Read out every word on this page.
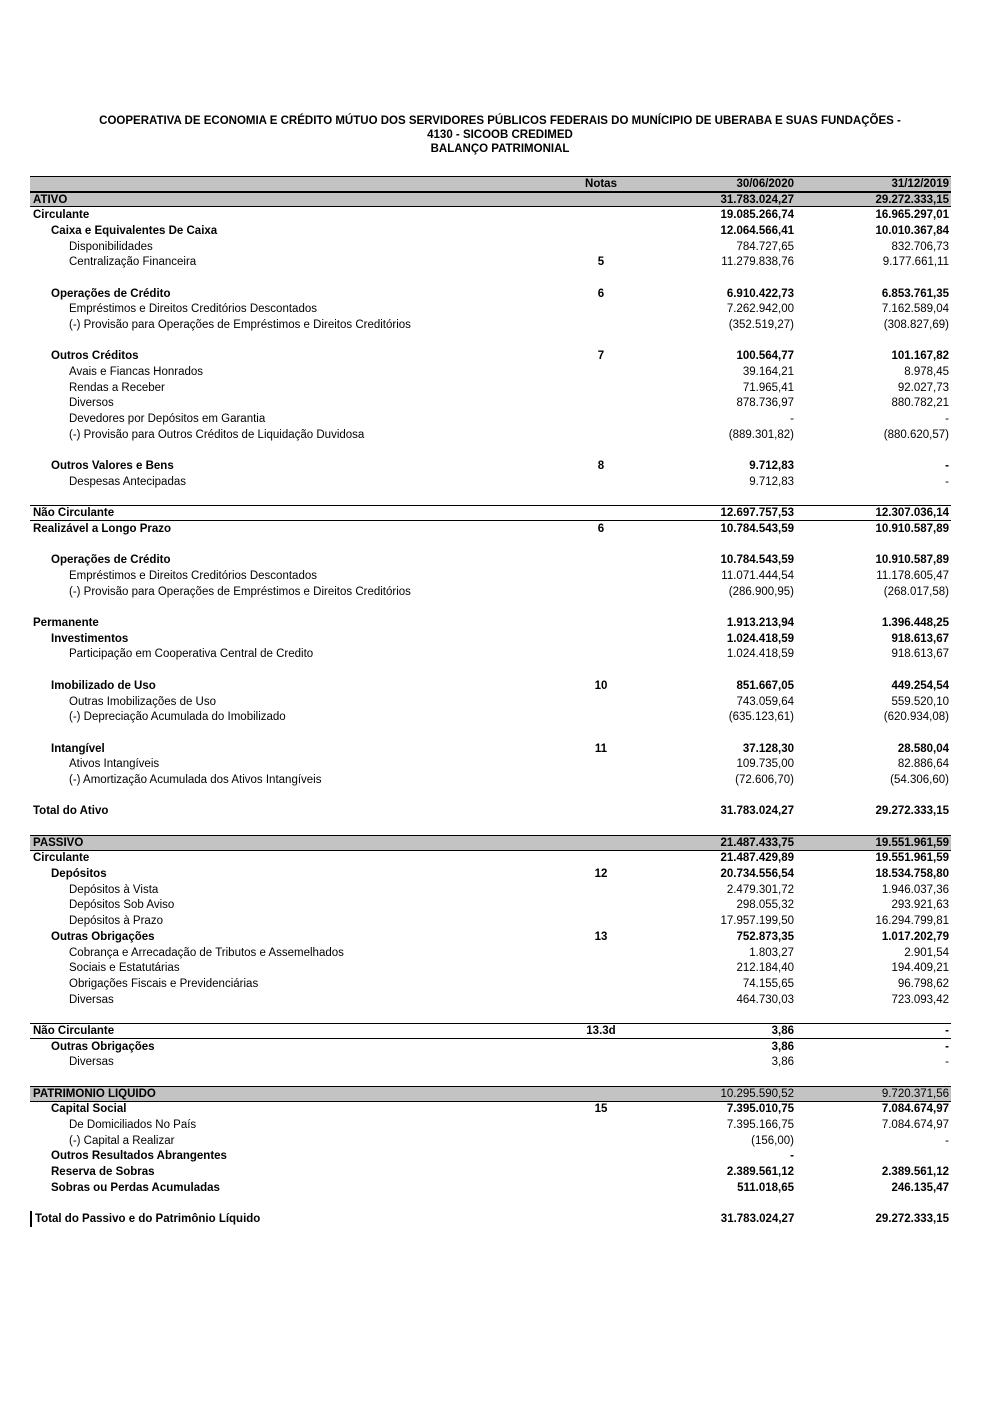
COOPERATIVA DE ECONOMIA E CRÉDITO MÚTUO DOS SERVIDORES PÚBLICOS FEDERAIS DO MUNÍCIPIO DE UBERABA E SUAS FUNDAÇÕES -
4130 - SICOOB CREDIMED
BALANÇO PATRIMONIAL
Notas	30/06/2020	31/12/2019
ATIVO	31.783.024,27	29.272.333,15
Circulante	19.085.266,74	16.965.297,01
Caixa e Equivalentes De Caixa	12.064.566,41	10.010.367,84
Disponibilidades	784.727,65	832.706,73
Centralização Financeira	5	11.279.838,76	9.177.661,11
Operações de Crédito	6	6.910.422,73	6.853.761,35
Empréstimos e Direitos Creditórios Descontados	7.262.942,00	7.162.589,04
(-) Provisão para Operações de Empréstimos e Direitos Creditórios	(352.519,27)	(308.827,69)
Outros Créditos	7	100.564,77	101.167,82
Avais e Fiancas Honrados	39.164,21	8.978,45
Rendas a Receber	71.965,41	92.027,73
Diversos	878.736,97	880.782,21
Devedores por Depósitos em Garantia	-	-
(-) Provisão para Outros Créditos de Liquidação Duvidosa	(889.301,82)	(880.620,57)
Outros Valores e Bens	8	9.712,83	-
Despesas Antecipadas	9.712,83	-
Não Circulante	12.697.757,53	12.307.036,14
Realizável a Longo Prazo	6	10.784.543,59	10.910.587,89
Operações de Crédito	10.784.543,59	10.910.587,89
Empréstimos e Direitos Creditórios Descontados	11.071.444,54	11.178.605,47
(-) Provisão para Operações de Empréstimos e Direitos Creditórios	(286.900,95)	(268.017,58)
Permanente	1.913.213,94	1.396.448,25
Investimentos	1.024.418,59	918.613,67
Participação em Cooperativa Central de Credito	1.024.418,59	918.613,67
Imobilizado de Uso	10	851.667,05	449.254,54
Outras Imobilizações de Uso	743.059,64	559.520,10
(-) Depreciação Acumulada do Imobilizado	(635.123,61)	(620.934,08)
Intangível	11	37.128,30	28.580,04
Ativos Intangíveis	109.735,00	82.886,64
(-) Amortização Acumulada dos Ativos Intangíveis	(72.606,70)	(54.306,60)
Total do Ativo	31.783.024,27	29.272.333,15
PASSIVO	21.487.433,75	19.551.961,59
Circulante	21.487.429,89	19.551.961,59
Depósitos	12	20.734.556,54	18.534.758,80
Depósitos à Vista	2.479.301,72	1.946.037,36
Depósitos Sob Aviso	298.055,32	293.921,63
Depósitos à Prazo	17.957.199,50	16.294.799,81
Outras Obrigações	13	752.873,35	1.017.202,79
Cobrança e Arrecadação de Tributos e Assemelhados	1.803,27	2.901,54
Sociais e Estatutárias	212.184,40	194.409,21
Obrigações Fiscais e Previdenciárias	74.155,65	96.798,62
Diversas	464.730,03	723.093,42
Não Circulante	13.3d	3,86	-
Outras Obrigações	3,86	-
Diversas	3,86	-
PATRIMÔNIO LÍQUIDO	10.295.590,52	9.720.371,56
Capital Social	15	7.395.010,75	7.084.674,97
De Domiciliados No País	7.395.166,75	7.084.674,97
(-) Capital a Realizar	(156,00)	-
Outros Resultados Abrangentes	-
Reserva de Sobras	2.389.561,12	2.389.561,12
Sobras ou Perdas Acumuladas	511.018,65	246.135,47
Total do Passivo e do Patrimônio Líquido	31.783.024,27	29.272.333,15
